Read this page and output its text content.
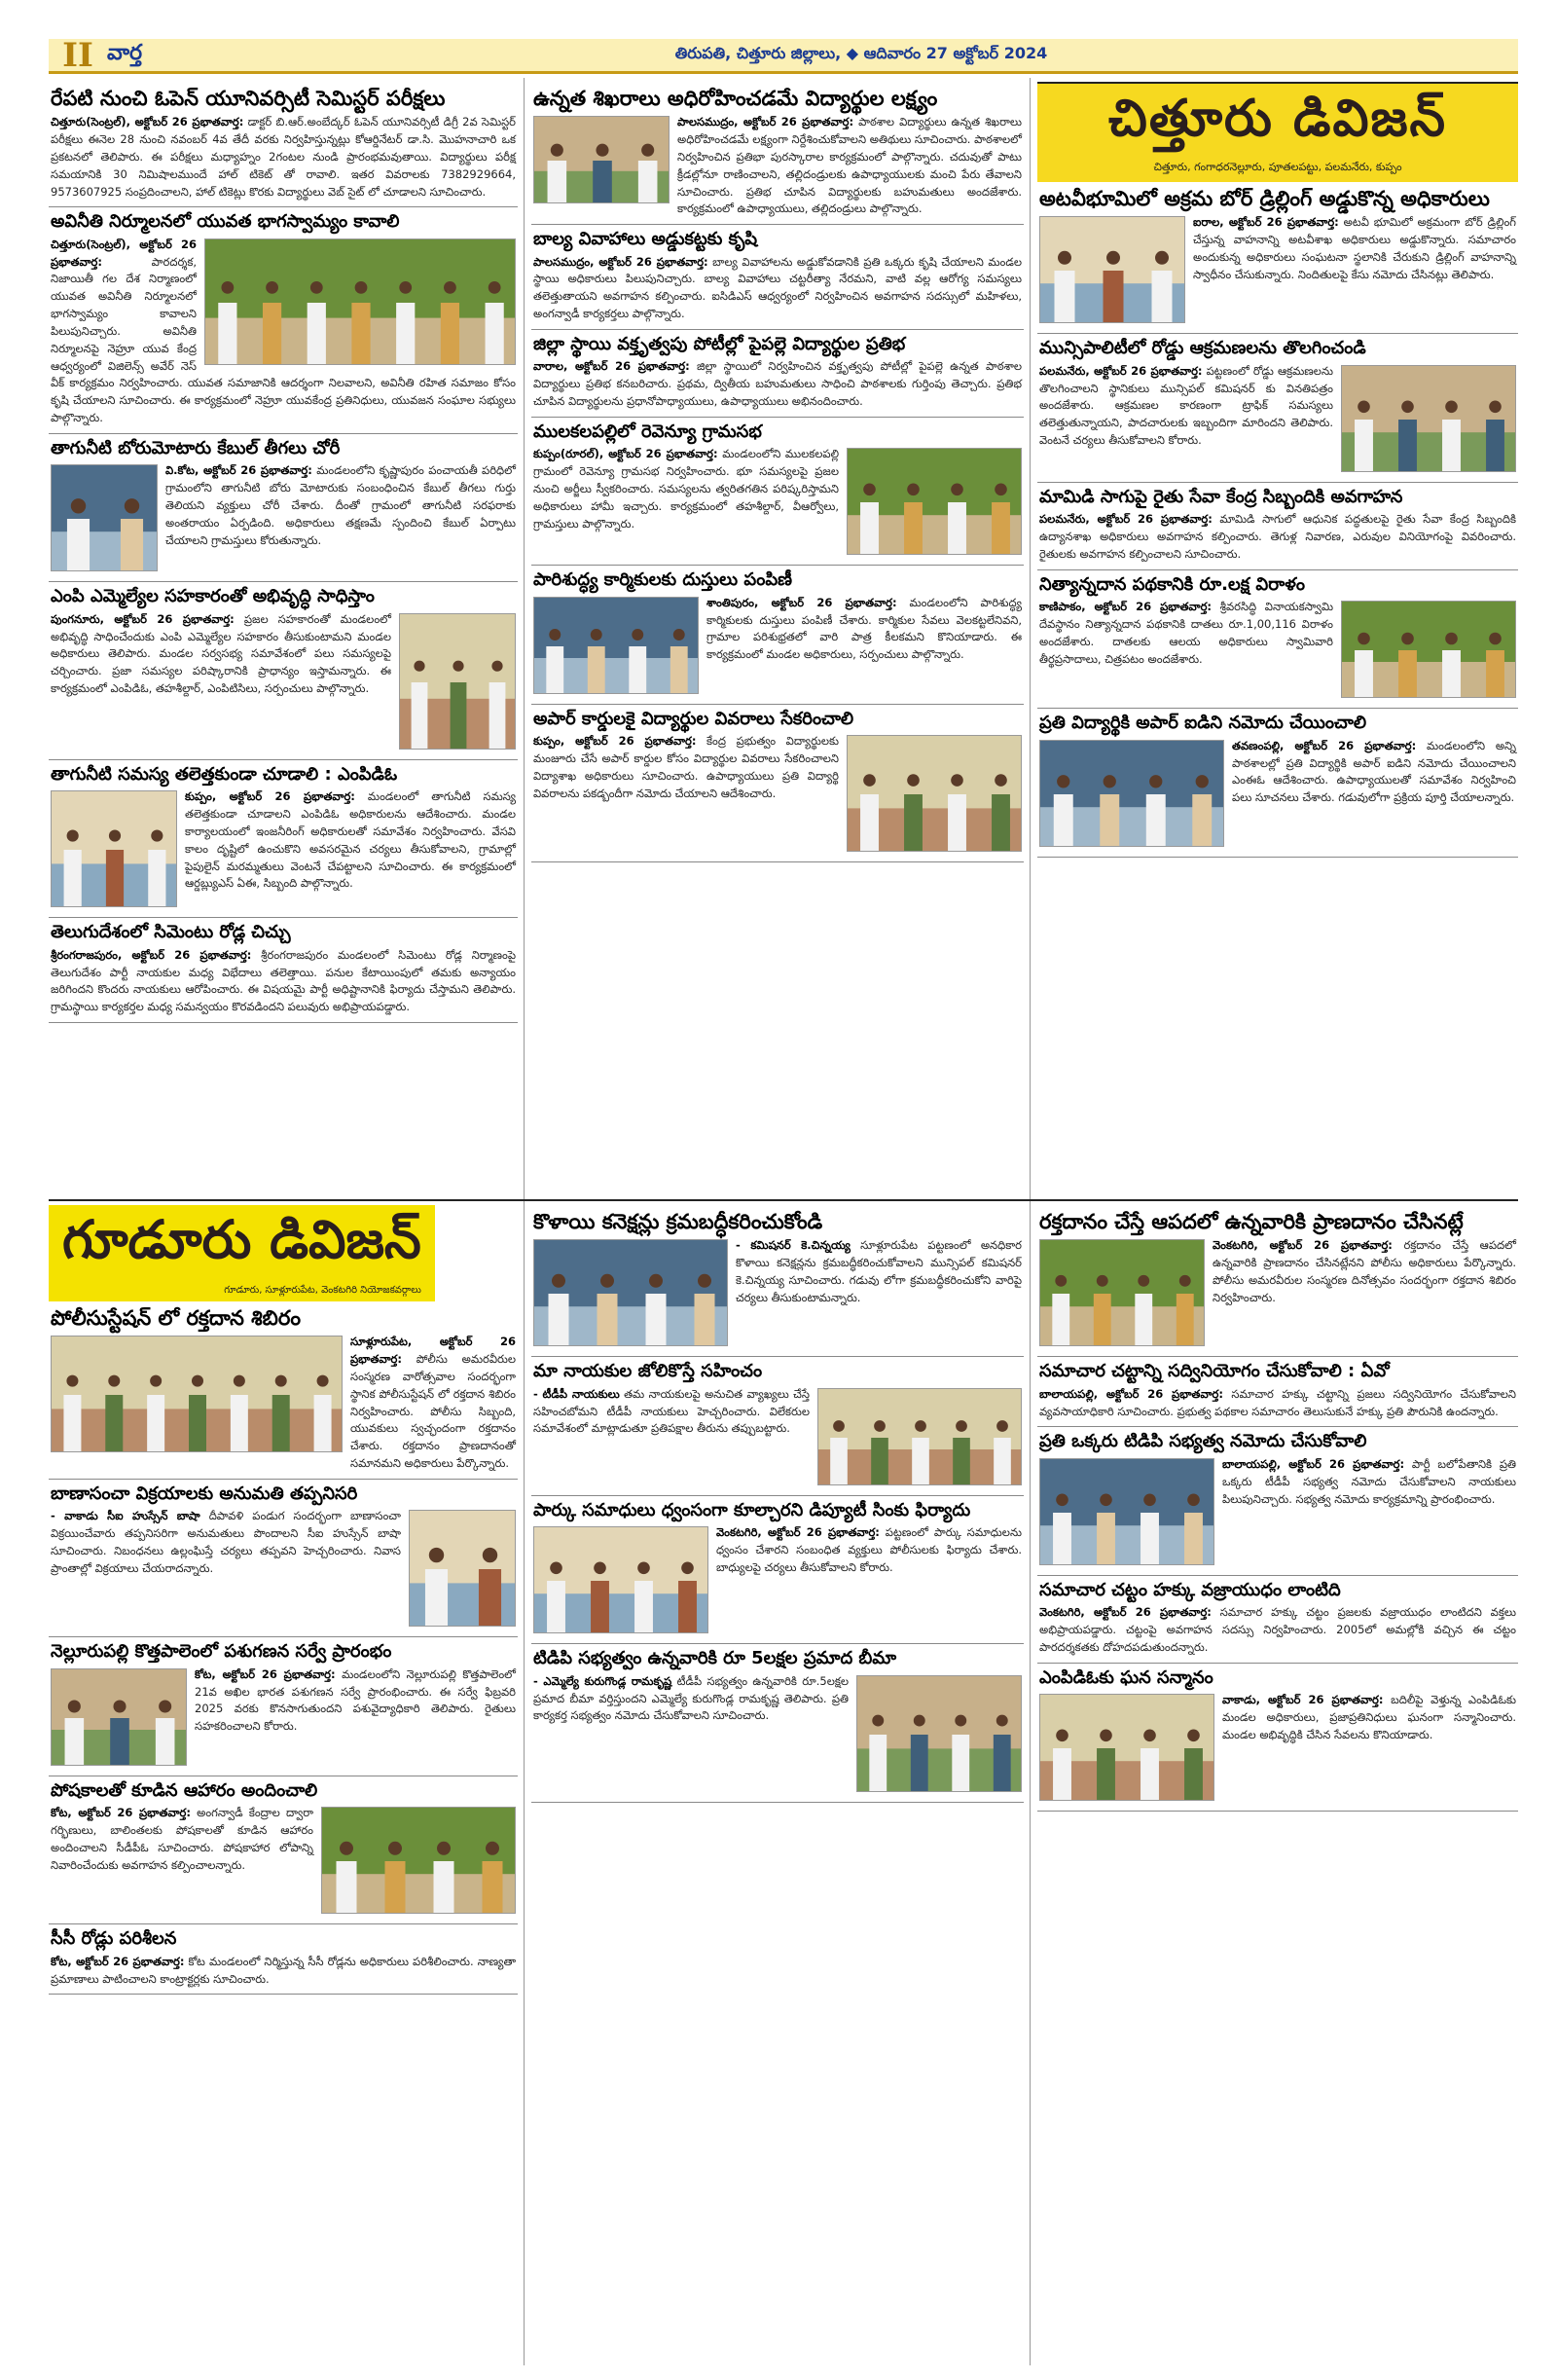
II వార్త	తిరుపతి, చిత్తూరు జిల్లాలు, ◆ ఆదివారం 27 అక్టోబర్ 2024
రేపటి నుంచి ఓపెన్ యూనివర్సిటీ సెమిస్టర్ పరీక్షలు
చిత్తూరు(సెంట్రల్), అక్టోబర్ 26 ప్రభాతవార్త: డాక్టర్ బి.ఆర్.అంబేద్కర్ ఓపెన్ యూనివర్సిటీ డిగ్రీ 2వ సెమిస్టర్ పరీక్షలు ఈనెల 28 నుంచి నవంబర్ 4వ తేదీ వరకు నిర్వహిస్తున్నట్లు కోఆర్డినేటర్ డా.సి. మొహనాచారి ఒక ప్రకటనలో తెలిపారు. ఈ పరీక్షలు మధ్యాహ్నం 2గంటల నుండి ప్రారంభమవుతాయి. విద్యార్థులు పరీక్ష సమయానికి 30 నిమిషాలముందే హాల్ టికెట్ తో రావాలి. ఇతర వివరాలకు 7382929664, 9573607925 సంప్రదించాలని, హాల్ టికెట్లు కొరకు విద్యార్థులు వెబ్ సైట్ లో చూడాలని సూచించారు.
అవినీతి నిర్మూలనలో యువత భాగస్వామ్యం కావాలి
చిత్తూరు(సెంట్రల్), అక్టోబర్ 26 ప్రభాతవార్త:	పారదర్శక, నిజాయితీ గల దేశ నిర్మాణంలో యువత అవినీతి నిర్మూలనలో భాగస్వామ్యం కావాలని పిలుపునిచ్చారు. అవినీతి నిర్మూలనపై నెహ్రూ యువ కేంద్ర ఆధ్వర్యంలో విజిలెన్స్ అవేర్ నెస్ వీక్ కార్యక్రమం నిర్వహించారు. యువత సమాజానికి ఆదర్శంగా నిలవాలని, అవినీతి రహిత సమాజం కోసం కృషి చేయాలని సూచించారు. ఈ కార్యక్రమంలో నెహ్రూ యువకేంద్ర ప్రతినిధులు, యువజన సంఘాల సభ్యులు పాల్గొన్నారు.
తాగునీటి బోరుమోటారు కేబుల్ తీగలు చోరీ
వి.కోట, అక్టోబర్ 26 ప్రభాతవార్త: మండలంలోని కృష్ణాపురం పంచాయతీ పరిధిలో గ్రామంలోని తాగునీటి బోరు మోటారుకు సంబంధించిన కేబుల్ తీగలు గుర్తు తెలియని వ్యక్తులు చోరీ చేశారు. దీంతో గ్రామంలో తాగునీటి సరఫరాకు అంతరాయం ఏర్పడింది. అధికారులు తక్షణమే స్పందించి కేబుల్ ఏర్పాటు చేయాలని గ్రామస్తులు కోరుతున్నారు.
ఎంపి ఎమ్మెల్యేల సహకారంతో అభివృద్ధి సాధిస్తాం
పుంగనూరు, అక్టోబర్ 26 ప్రభాతవార్త: ప్రజల సహకారంతో మండలంలో అభివృద్ధి సాధించేందుకు ఎంపి ఎమ్మెల్యేల సహకారం తీసుకుంటామని మండల అధికారులు తెలిపారు. మండల సర్వసభ్య సమావేశంలో పలు సమస్యలపై చర్చించారు. ప్రజా సమస్యల పరిష్కారానికి ప్రాధాన్యం ఇస్తామన్నారు. ఈ కార్యక్రమంలో ఎంపిడిఓ, తహశీల్దార్, ఎంపిటిసిలు, సర్పంచులు పాల్గొన్నారు.
తాగునీటి సమస్య తలెత్తకుండా చూడాలి : ఎంపిడిఓ
కుప్పం, అక్టోబర్ 26 ప్రభాతవార్త: మండలంలో తాగునీటి సమస్య తలెత్తకుండా చూడాలని ఎంపిడిఓ అధికారులను ఆదేశించారు. మండల కార్యాలయంలో ఇంజనీరింగ్ అధికారులతో సమావేశం నిర్వహించారు. వేసవి కాలం దృష్టిలో ఉంచుకొని అవసరమైన చర్యలు తీసుకోవాలని, గ్రామాల్లో పైపులైన్ మరమ్మతులు వెంటనే చేపట్టాలని సూచించారు. ఈ కార్యక్రమంలో ఆర్డబ్ల్యుఎస్ ఏఈ, సిబ్బంది పాల్గొన్నారు.
తెలుగుదేశంలో సిమెంటు రోడ్ల చిచ్చు
శ్రీరంగరాజపురం, అక్టోబర్ 26 ప్రభాతవార్త: శ్రీరంగరాజపురం మండలంలో సిమెంటు రోడ్ల నిర్మాణంపై తెలుగుదేశం పార్టీ నాయకుల మధ్య విభేదాలు తలెత్తాయి. పనుల కేటాయింపులో తమకు అన్యాయం జరిగిందని కొందరు నాయకులు ఆరోపించారు. ఈ విషయమై పార్టీ అధిష్టానానికి ఫిర్యాదు చేస్తామని తెలిపారు. గ్రామస్థాయి కార్యకర్తల మధ్య సమన్వయం కొరవడిందని పలువురు అభిప్రాయపడ్డారు.
ఉన్నత శిఖరాలు అధిరోహించడమే విద్యార్థుల లక్ష్యం
పాలసముద్రం, అక్టోబర్ 26 ప్రభాతవార్త: పాఠశాల విద్యార్థులు ఉన్నత శిఖరాలు అధిరోహించడమే లక్ష్యంగా నిర్దేశించుకోవాలని అతిథులు సూచించారు. పాఠశాలలో నిర్వహించిన ప్రతిభా పురస్కారాల కార్యక్రమంలో పాల్గొన్నారు. చదువుతో పాటు క్రీడల్లోనూ రాణించాలని, తల్లిదండ్రులకు ఉపాధ్యాయులకు మంచి పేరు తేవాలని సూచించారు. ప్రతిభ చూపిన విద్యార్థులకు బహుమతులు అందజేశారు. కార్యక్రమంలో ఉపాధ్యాయులు, తల్లిదండ్రులు పాల్గొన్నారు.
బాల్య వివాహాలు అడ్డుకట్టకు కృషి
పాలసముద్రం, అక్టోబర్ 26 ప్రభాతవార్త: బాల్య వివాహాలను అడ్డుకోవడానికి ప్రతి ఒక్కరు కృషి చేయాలని మండల స్థాయి అధికారులు పిలుపునిచ్చారు. బాల్య వివాహాలు చట్టరీత్యా నేరమని, వాటి వల్ల ఆరోగ్య సమస్యలు తలెత్తుతాయని అవగాహన కల్పించారు. ఐసిడిఎస్ ఆధ్వర్యంలో నిర్వహించిన అవగాహన సదస్సులో మహిళలు, అంగన్వాడీ కార్యకర్తలు పాల్గొన్నారు.
జిల్లా స్థాయి వక్తృత్వపు పోటీల్లో పైపల్లె విద్యార్థుల ప్రతిభ
వారాల, అక్టోబర్ 26 ప్రభాతవార్త: జిల్లా స్థాయిలో నిర్వహించిన వక్తృత్వపు పోటీల్లో పైపల్లె ఉన్నత పాఠశాల విద్యార్థులు ప్రతిభ కనబరిచారు. ప్రథమ, ద్వితీయ బహుమతులు సాధించి పాఠశాలకు గుర్తింపు తెచ్చారు. ప్రతిభ చూపిన విద్యార్థులను ప్రధానోపాధ్యాయులు, ఉపాధ్యాయులు అభినందించారు.
ములకలపల్లిలో రెవెన్యూ గ్రామసభ
కుప్పం(రూరల్), అక్టోబర్ 26 ప్రభాతవార్త: మండలంలోని ములకలపల్లి గ్రామంలో రెవెన్యూ గ్రామసభ నిర్వహించారు. భూ సమస్యలపై ప్రజల నుంచి అర్జీలు స్వీకరించారు. సమస్యలను త్వరితగతిన పరిష్కరిస్తామని అధికారులు హామీ ఇచ్చారు. కార్యక్రమంలో తహశీల్దార్, వీఆర్వోలు, గ్రామస్తులు పాల్గొన్నారు.
పారిశుద్ధ్య కార్మికులకు దుస్తులు పంపిణీ
శాంతిపురం, అక్టోబర్ 26 ప్రభాతవార్త: మండలంలోని పారిశుద్ధ్య కార్మికులకు దుస్తులు పంపిణీ చేశారు. కార్మికుల సేవలు వెలకట్టలేనివని, గ్రామాల పరిశుభ్రతలో వారి పాత్ర కీలకమని కొనియాడారు. ఈ కార్యక్రమంలో మండల అధికారులు, సర్పంచులు పాల్గొన్నారు.
అపార్ కార్డులకై విద్యార్థుల వివరాలు సేకరించాలి
కుప్పం, అక్టోబర్ 26 ప్రభాతవార్త: కేంద్ర ప్రభుత్వం విద్యార్థులకు మంజూరు చేసే అపార్ కార్డుల కోసం విద్యార్థుల వివరాలు సేకరించాలని విద్యాశాఖ అధికారులు సూచించారు. ఉపాధ్యాయులు ప్రతి విద్యార్థి వివరాలను పకడ్బందీగా నమోదు చేయాలని ఆదేశించారు.
చిత్తూరు డివిజన్
చిత్తూరు, గంగాధరనెల్లూరు, పూతలపట్టు, పలమనేరు, కుప్పం
అటవీభూమిలో అక్రమ బోర్ డ్రిల్లింగ్ అడ్డుకొన్న అధికారులు
ఐరాల, అక్టోబర్ 26 ప్రభాతవార్త: అటవీ భూమిలో అక్రమంగా బోర్ డ్రిల్లింగ్ చేస్తున్న వాహనాన్ని అటవీశాఖ అధికారులు అడ్డుకొన్నారు. సమాచారం అందుకున్న అధికారులు సంఘటనా స్థలానికి చేరుకుని డ్రిల్లింగ్ వాహనాన్ని స్వాధీనం చేసుకున్నారు. నిందితులపై కేసు నమోదు చేసినట్లు తెలిపారు.
మున్సిపాలిటీలో రోడ్డు ఆక్రమణలను తొలగించండి
పలమనేరు, అక్టోబర్ 26 ప్రభాతవార్త: పట్టణంలో రోడ్డు ఆక్రమణలను తొలగించాలని స్థానికులు మున్సిపల్ కమిషనర్ కు వినతిపత్రం అందజేశారు. ఆక్రమణల కారణంగా ట్రాఫిక్ సమస్యలు తలెత్తుతున్నాయని, పాదచారులకు ఇబ్బందిగా మారిందని తెలిపారు. వెంటనే చర్యలు తీసుకోవాలని కోరారు.
మామిడి సాగుపై రైతు సేవా కేంద్ర సిబ్బందికి అవగాహన
పలమనేరు, అక్టోబర్ 26 ప్రభాతవార్త: మామిడి సాగులో ఆధునిక పద్ధతులపై రైతు సేవా కేంద్ర సిబ్బందికి ఉద్యానశాఖ అధికారులు అవగాహన కల్పించారు. తెగుళ్ల నివారణ, ఎరువుల వినియోగంపై వివరించారు. రైతులకు అవగాహన కల్పించాలని సూచించారు.
నిత్యాన్నదాన పథకానికి రూ.లక్ష విరాళం
కాణిపాకం, అక్టోబర్ 26 ప్రభాతవార్త: శ్రీవరసిద్ధి వినాయకస్వామి దేవస్థానం నిత్యాన్నదాన పథకానికి దాతలు రూ.1,00,116 విరాళం అందజేశారు. దాతలకు ఆలయ అధికారులు స్వామివారి తీర్థప్రసాదాలు, చిత్రపటం అందజేశారు.
ప్రతి విద్యార్థికి అపార్ ఐడిని నమోదు చేయించాలి
తవణంపల్లి, అక్టోబర్ 26 ప్రభాతవార్త: మండలంలోని అన్ని పాఠశాలల్లో ప్రతి విద్యార్థికి అపార్ ఐడిని నమోదు చేయించాలని ఎంఈఓ ఆదేశించారు. ఉపాధ్యాయులతో సమావేశం నిర్వహించి పలు సూచనలు చేశారు. గడువులోగా ప్రక్రియ పూర్తి చేయాలన్నారు.
గూడూరు డివిజన్
గూడూరు, సూళ్లూరుపేట, వెంకటగిరి నియోజకవర్గాలు
పోలీసుస్టేషన్ లో రక్తదాన శిబిరం
సూళ్లూరుపేట, అక్టోబర్ 26 ప్రభాతవార్త: పోలీసు అమరవీరుల సంస్మరణ వారోత్సవాల సందర్భంగా స్థానిక పోలీసుస్టేషన్ లో రక్తదాన శిబిరం నిర్వహించారు. పోలీసు సిబ్బంది, యువకులు స్వచ్ఛందంగా రక్తదానం చేశారు. రక్తదానం ప్రాణదానంతో సమానమని అధికారులు పేర్కొన్నారు.
బాణాసంచా విక్రయాలకు అనుమతి తప్పనిసరి
- వాకాడు సీఐ హుస్సేన్ బాషా దీపావళి పండుగ సందర్భంగా బాణాసంచా విక్రయించేవారు తప్పనిసరిగా అనుమతులు పొందాలని సీఐ హుస్సేన్ బాషా సూచించారు. నిబంధనలు ఉల్లంఘిస్తే చర్యలు తప్పవని హెచ్చరించారు. నివాస ప్రాంతాల్లో విక్రయాలు చేయరాదన్నారు.
నెల్లూరుపల్లి కొత్తపాలెంలో పశుగణన సర్వే ప్రారంభం
కోట, అక్టోబర్ 26 ప్రభాతవార్త: మండలంలోని నెల్లూరుపల్లి కొత్తపాలెంలో 21వ అఖిల భారత పశుగణన సర్వే ప్రారంభించారు. ఈ సర్వే ఫిబ్రవరి 2025 వరకు కొనసాగుతుందని పశువైద్యాధికారి తెలిపారు. రైతులు సహకరించాలని కోరారు.
పోషకాలతో కూడిన ఆహారం అందించాలి
కోట, అక్టోబర్ 26 ప్రభాతవార్త: అంగన్వాడీ కేంద్రాల ద్వారా గర్భిణులు, బాలింతలకు పోషకాలతో కూడిన ఆహారం అందించాలని సీడీపీఓ సూచించారు. పోషకాహార లోపాన్ని నివారించేందుకు అవగాహన కల్పించాలన్నారు.
సీసీ రోడ్లు పరిశీలన
కోట, అక్టోబర్ 26 ప్రభాతవార్త: కోట మండలంలో నిర్మిస్తున్న సీసీ రోడ్లను అధికారులు పరిశీలించారు. నాణ్యతా ప్రమాణాలు పాటించాలని కాంట్రాక్టర్లకు సూచించారు.
కొళాయి కనెక్షన్లు క్రమబద్ధీకరించుకోండి
- కమిషనర్ కె.చిన్నయ్య సూళ్లూరుపేట పట్టణంలో అనధికార కొళాయి కనెక్షన్లను క్రమబద్ధీకరించుకోవాలని మున్సిపల్ కమిషనర్ కె.చిన్నయ్య సూచించారు. గడువు లోగా క్రమబద్ధీకరించుకోని వారిపై చర్యలు తీసుకుంటామన్నారు.
మా నాయకుల జోలికొస్తే సహించం
- టీడీపీ నాయకులు తమ నాయకులపై అనుచిత వ్యాఖ్యలు చేస్తే సహించబోమని టీడీపీ నాయకులు హెచ్చరించారు. విలేకరుల సమావేశంలో మాట్లాడుతూ ప్రతిపక్షాల తీరును తప్పుబట్టారు.
పార్కు సమాధులు ధ్వంసంగా కూల్చారని డిప్యూటీ సింకు ఫిర్యాదు
వెంకటగిరి, అక్టోబర్ 26 ప్రభాతవార్త: పట్టణంలో పార్కు సమాధులను ధ్వంసం చేశారని సంబంధిత వ్యక్తులు పోలీసులకు ఫిర్యాదు చేశారు. బాధ్యులపై చర్యలు తీసుకోవాలని కోరారు.
టిడిపి సభ్యత్వం ఉన్నవారికి రూ 5లక్షల ప్రమాద బీమా
- ఎమ్మెల్యే కురుగొండ్ల రామకృష్ణ టీడీపీ సభ్యత్వం ఉన్నవారికి రూ.5లక్షల ప్రమాద బీమా వర్తిస్తుందని ఎమ్మెల్యే కురుగొండ్ల రామకృష్ణ తెలిపారు. ప్రతి కార్యకర్త సభ్యత్వం నమోదు చేసుకోవాలని సూచించారు.
రక్తదానం చేస్తే ఆపదలో ఉన్నవారికి ప్రాణదానం చేసినట్లే
వెంకటగిరి, అక్టోబర్ 26 ప్రభాతవార్త: రక్తదానం చేస్తే ఆపదలో ఉన్నవారికి ప్రాణదానం చేసినట్లేనని పోలీసు అధికారులు పేర్కొన్నారు. పోలీసు అమరవీరుల సంస్మరణ దినోత్సవం సందర్భంగా రక్తదాన శిబిరం నిర్వహించారు.
సమాచార చట్టాన్ని సద్వినియోగం చేసుకోవాలి : ఏవో
బాలాయపల్లి, అక్టోబర్ 26 ప్రభాతవార్త: సమాచార హక్కు చట్టాన్ని ప్రజలు సద్వినియోగం చేసుకోవాలని వ్యవసాయాధికారి సూచించారు. ప్రభుత్వ పథకాల సమాచారం తెలుసుకునే హక్కు ప్రతి పౌరునికి ఉందన్నారు.
ప్రతి ఒక్కరు టిడిపి సభ్యత్వ నమోదు చేసుకోవాలి
బాలాయపల్లి, అక్టోబర్ 26 ప్రభాతవార్త: పార్టీ బలోపేతానికి ప్రతి ఒక్కరు టీడీపీ సభ్యత్వ నమోదు చేసుకోవాలని నాయకులు పిలుపునిచ్చారు. సభ్యత్వ నమోదు కార్యక్రమాన్ని ప్రారంభించారు.
సమాచార చట్టం హక్కు వజ్రాయుధం లాంటిది
వెంకటగిరి, అక్టోబర్ 26 ప్రభాతవార్త: సమాచార హక్కు చట్టం ప్రజలకు వజ్రాయుధం లాంటిదని వక్తలు అభిప్రాయపడ్డారు. చట్టంపై అవగాహన సదస్సు నిర్వహించారు. 2005లో అమల్లోకి వచ్చిన ఈ చట్టం పారదర్శకతకు దోహదపడుతుందన్నారు.
ఎంపిడిఓకు ఘన సన్మానం
వాకాడు, అక్టోబర్ 26 ప్రభాతవార్త: బదిలీపై వెళ్తున్న ఎంపిడిఓకు మండల అధికారులు, ప్రజాప్రతినిధులు ఘనంగా సన్మానించారు. మండల అభివృద్ధికి చేసిన సేవలను కొనియాడారు.
